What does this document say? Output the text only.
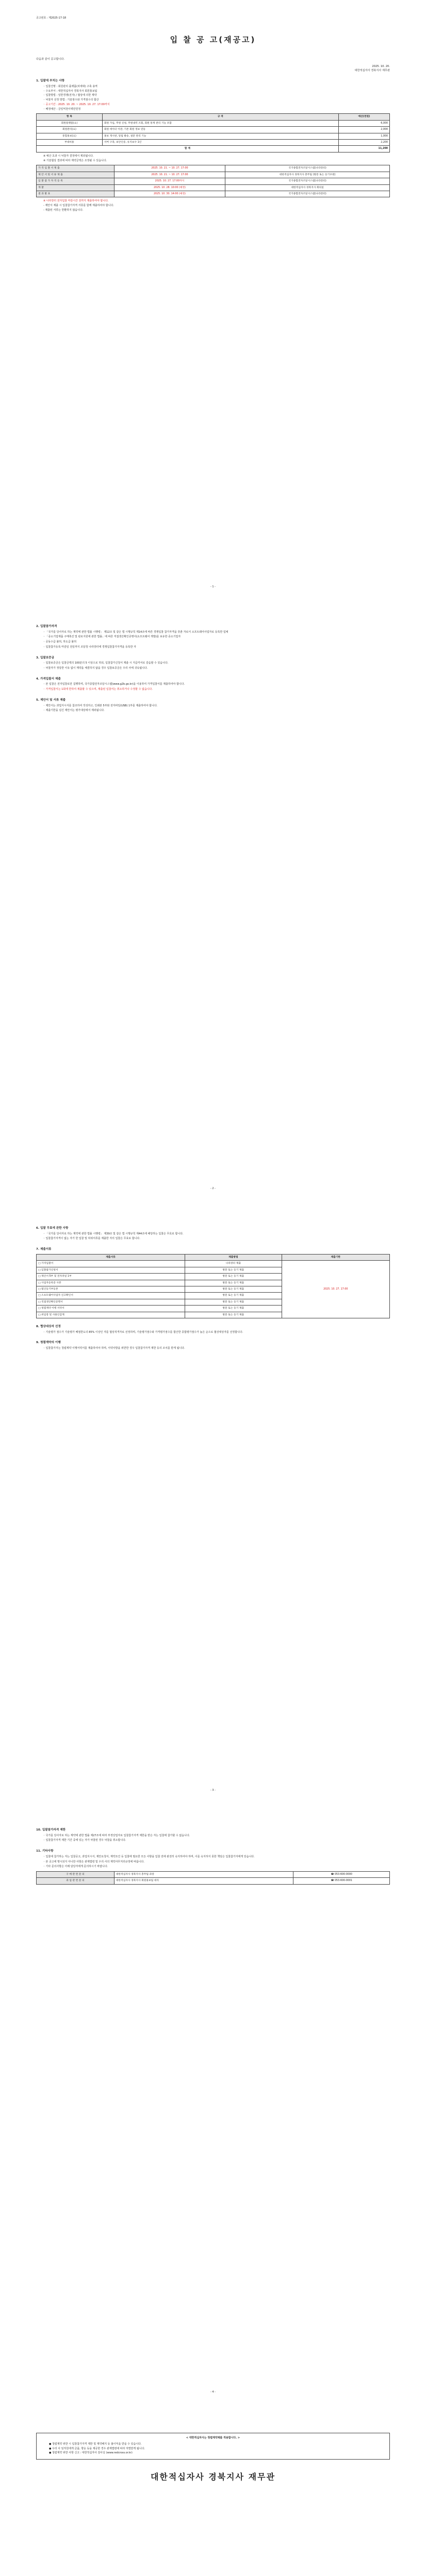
공고번호 : 제2025-17-18
입 찰 공 고(재공고)
다음과 같이 공고합니다.
2025. 10. 20.
대한적십자사 경북지사 재무관
1. 입찰에 부치는 사항
◦ 입찰건명 : 회원관리 플랫폼(차세대) 구축 용역
◦ 수요부서 : 대한적십자사 경북지사 회원홍보팀
◦ 입찰방법 : 일반경쟁(전자) / 협상에 의한 계약
◦ 낙찰자 선정 방법 : 기술점수와 가격점수의 합산
◦ 공고기간 : 2025. 10. 20. ~ 2025. 10. 27. 17:00까지
◦ 배정예산 : 금일억천이백만원정
항 목	규 격	예산(천원)
회원플랫폼(요)	회원 가입, 후원 신청, 후원내역 조회, 회원 통계 관리 기능 포함	6,000
회원관리(요)	회원 데이터 이관, 기존 회원 정보 연동	2,000
통합홍보(요)	홍보 게시판, 알림 발송, 설문 관리 기능	1,000
부대비용	서버 구축, 보안인증, 유지보수 1년	2,200
합 계		11,200
※ 예산 초과 시 낙찰자 결정에서 제외됩니다.
※ 기술협상 결과에 따라 계약금액은 조정될 수 있습니다.
가 격 입 찰 서 제 출	2025. 10. 21. ~ 10. 27. 17:00	국가종합전자조달시스템(나라장터)
제 안 서 및 서 류 제 출	2025. 10. 21. ~ 10. 27. 17:00	대한적십자사 경북지사 총무팀 (방문 또는 등기우편)
입 찰 참 가 자 격 등 록	2025. 10. 27. 17:00까지	국가종합전자조달시스템(나라장터)
개 찰	2025. 10. 28. 10:00 (예정)	대한적십자사 경북지사 회의실
결 과 발 표	2025. 10. 30. 14:00 (예정)	국가종합전자조달시스템(나라장터)
※ 나라장터 전자입찰 마감시간 전까지 제출하여야 합니다.
- 제안서 제출 시 입찰참가자격 서류를 함께 제출하여야 합니다.
- 제출된 서류는 반환하지 않습니다.
- 1 -
2. 입찰참가자격
◦ 「국가를 당사자로 하는 계약에 관한 법률 시행령」 제12조 및 같은 법 시행규칙 제14조에 따른 경쟁입찰 참가자격을 갖춘 자로서 소프트웨어사업자로 등록한 업체
◦ 「중소기업제품 구매촉진 및 판로지원에 관한 법률」에 따른 직접생산확인증명서(소프트웨어 개발)를 보유한 중소기업자
◦ 공동수급 불허, 하도급 불허
◦ 입찰참가등록 마감일 전일까지 조달청 나라장터에 경쟁입찰참가자격을 등록한 자
3. 입찰보증금
◦ 입찰보증금은 입찰금액의 100분의 5 이상으로 하되, 입찰참가신청서 제출 시 지급각서로 갈음할 수 있습니다.
◦ 낙찰자가 정당한 이유 없이 계약을 체결하지 않을 경우 입찰보증금은 우리 사에 귀속됩니다.
4. 가격입찰서 제출
◦ 본 입찰은 전자입찰로만 집행하며, 국가종합전자조달시스템(www.g2b.go.kr)을 이용하여 가격입찰서를 제출하여야 합니다.
◦ 가격입찰서는 1회에 한하여 제출할 수 있으며, 제출된 입찰서는 취소하거나 수정할 수 없습니다.
5. 제안서 및 서류 제출
◦ 제안서는 과업지시서를 참조하여 작성하고, 인쇄본 5부와 전자파일(USB) 1부를 제출하여야 합니다.
◦ 제출기한을 넘긴 제안서는 평가대상에서 제외됩니다.
- 2 -
6. 입찰 무효에 관한 사항
◦ 「국가를 당사자로 하는 계약에 관한 법률 시행령」 제39조 및 같은 법 시행규칙 제44조에 해당하는 입찰은 무효로 합니다.
◦ 입찰참가자격이 없는 자가 한 입찰 및 허위서류를 제출한 자의 입찰은 무효로 합니다.
7. 제출서류
제출서류	제출방법	제출기한
□ 가격입찰서	나라장터 제출	2025. 10. 27. 17:00
□ 입찰참가신청서	방문 또는 등기 제출	
□ 제안서 5부 및 전자파일 1부	방문 또는 등기 제출	
□ 사업자등록증 사본	방문 또는 등기 제출	
□ 법인등기부등본	방문 또는 등기 제출	
□ 소프트웨어사업자 신고확인서	방문 또는 등기 제출	
□ 직접생산확인증명서	방문 또는 등기 제출	
□ 청렴계약 이행 서약서	방문 또는 등기 제출	
□ 위임장 및 사용인감계	방문 또는 등기 제출	
8. 협상대상자 선정
◦ 기술평가 점수가 기술평가 배점한도의 85% 이상인 자를 협상적격자로 선정하며, 기술평가점수와 가격평가점수를 합산한 종합평가점수가 높은 순으로 협상대상자를 선정합니다.
9. 청렴계약의 이행
◦ 입찰참가자는 청렴계약 이행서약서를 제출하여야 하며, 서약사항을 위반한 경우 입찰참가자격 제한 등의 조치를 받게 됩니다.
- 3 -
10. 입찰참가자격 제한
◦ 국가를 당사자로 하는 계약에 관한 법률 제27조에 따라 부정당업자로 입찰참가자격 제한을 받은 자는 입찰에 참가할 수 없습니다.
◦ 입찰참가자격 제한 기간 중에 있는 자가 낙찰된 경우 낙찰을 취소합니다.
11. 기타사항
◦ 입찰에 참가하는 자는 입찰공고, 과업지시서, 제안요청서, 계약조건 등 입찰에 필요한 모든 사항을 입찰 전에 완전히 숙지하여야 하며, 이를 숙지하지 못한 책임은 입찰참가자에게 있습니다.
◦ 본 공고에 명시되지 아니한 사항은 관계법령 및 우리 사의 계약사무처리규정에 따릅니다.
◦ 기타 문의사항은 아래 담당자에게 문의하시기 바랍니다.
구 매 관 련 문 의	대한적십자사 경북지사 총무팀 과장	☎ 053-600-0000
과 업 관 련 문 의	대한적십자사 경북지사 회원홍보팀 대리	☎ 053-600-0001
- 4 -
< 대한적십자사는 청렴계약제를 적용합니다. >
● 청렴계약 위반 시 입찰참가자격 제한 및 계약해지 등 불이익을 받을 수 있습니다.
● 우리 사 임직원에게 금품, 향응 등을 제공한 경우 관계법령에 따라 처벌받게 됩니다.
● 청렴계약 위반 사항 신고 : 대한적십자사 감사실 (www.redcross.or.kr)
대한적십자사 경북지사 재무관
